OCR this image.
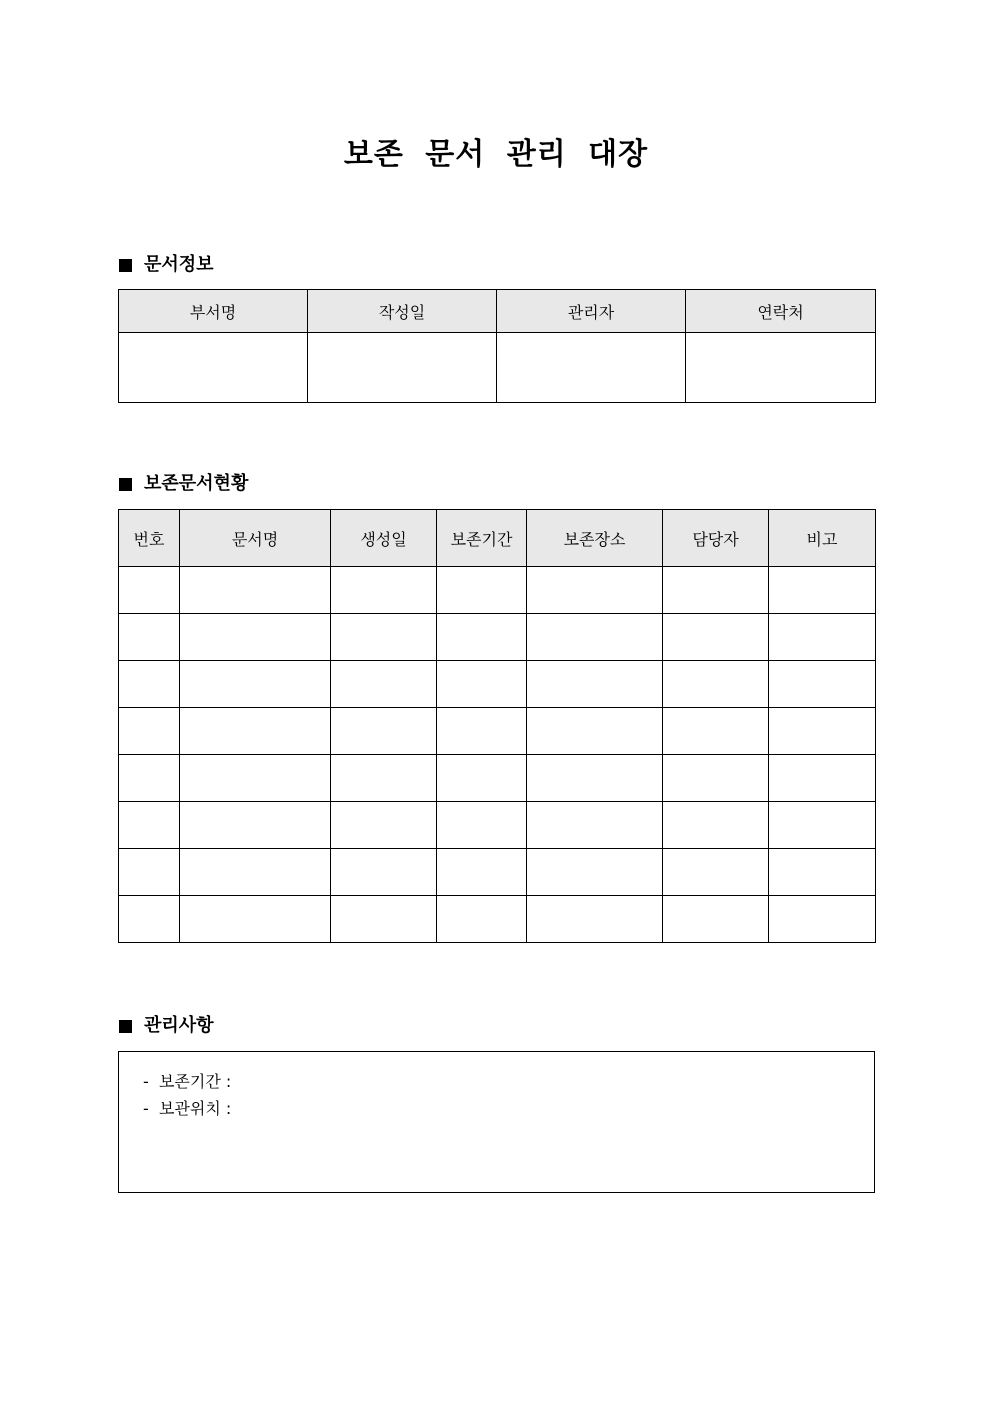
보존 문서 관리 대장
문서정보
부서명	작성일	관리자	연락처

보존문서현황
번호	문서명	생성일	보존기간	보존장소	담당자	비고

관리사항
-  보존기간 :
-  보관위치 :
